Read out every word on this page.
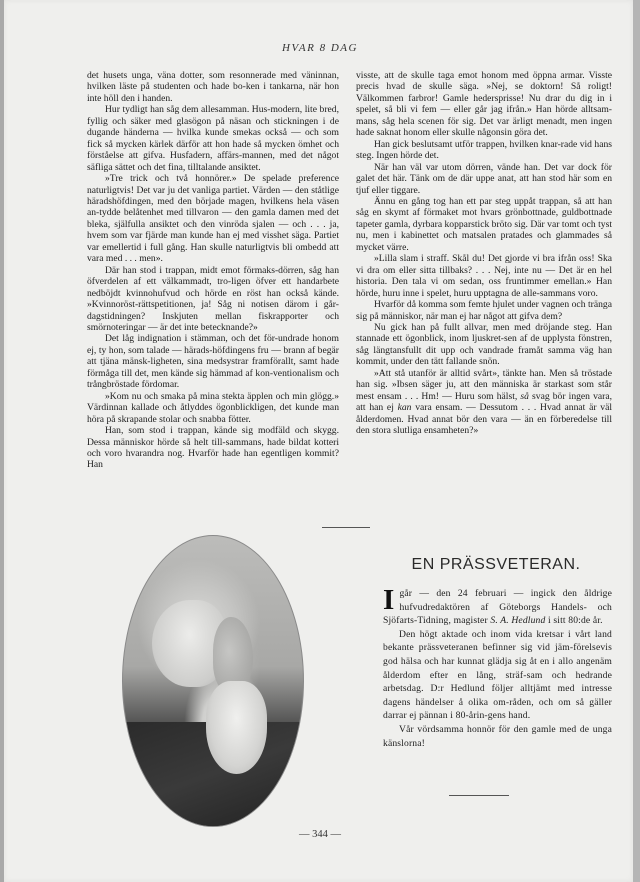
HVAR 8 DAG

det husets unga, väna dotter, som resonnerade med väninnan, hvilken läste på studenten och hade bo-ken i tankarna, när hon inte höll den i handen.

Hur tydligt han såg dem allesamman. Hus-modern, lite bred, fyllig och säker med glasögon på näsan och stickningen i de dugande händerna — hvilka kunde smekas också — och som fick så mycken kärlek därför att hon hade så mycken ömhet och förståelse att gifva. Husfadern, affärs-mannen, med det något säfliga sättet och det fina, tilltalande ansiktet.

»Tre trick och två honnörer.» De spelade preference naturligtvis! Det var ju det vanliga partiet. Värden — den ståtlige häradshöfdingen, med den började magen, hvilkens hela väsen an-tydde belåtenhet med tillvaron — den gamla damen med det bleka, själfulla ansiktet och den vinröda sjalen — och . . . ja, hvem som var fjärde man kunde han ej med visshet säga. Partiet var emellertid i full gång. Han skulle naturligtvis bli ombedd att vara med . . . men».

Där han stod i trappan, midt emot förmaks-dörren, såg han öfverdelen af ett välkammadt, tro-ligen öfver ett handarbete nedböjdt kvinnohufvud och hörde en röst han också kände. »Kvinnoröst-rättspetitionen, ja! Såg ni notisen därom i går-dagstidningen? Inskjuten mellan fiskrapporter och smörnoteringar — är det inte betecknande?»

Det låg indignation i stämman, och det för-undrade honom ej, ty hon, som talade — härads-höfdingens fru — brann af begär att tjäna mänsk-ligheten, sina medsystrar framförallt, samt hade förmåga till det, men kände sig hämmad af kon-ventionalism och trångbröstade fördomar.

»Kom nu och smaka på mina stekta äpplen och min glögg.» Värdinnan kallade och åtlyddes ögonblickligen, det kunde man höra på skrapande stolar och snabba fötter.

Han, som stod i trappan, kände sig modfäld och skygg. Dessa människor hörde så helt till-sammans, hade bildat kotteri och voro hvarandra nog. Hvarför hade han egentligen kommit? Han

visste, att de skulle taga emot honom med öppna armar. Visste precis hvad de skulle säga. »Nej, se doktorn! Så roligt! Välkommen farbror! Gamle hedersprisse! Nu drar du dig in i spelet, så bli vi fem — eller går jag ifrån.» Han hörde alltsam-mans, såg hela scenen för sig. Det var ärligt menadt, men ingen hade saknat honom eller skulle någonsin göra det.

Han gick beslutsamt utför trappen, hvilken knar-rade vid hans steg. Ingen hörde det.

När han väl var utom dörren, vände han. Det var dock för galet det här. Tänk om de där uppe anat, att han stod här som en tjuf eller tiggare.

Ännu en gång tog han ett par steg uppåt trappan, så att han såg en skymt af förmaket mot hvars grönbottnade, guldbottnade tapeter gamla, dyrbara kopparstick bröto sig. Där var tomt och tyst nu, men i kabinettet och matsalen pratades och glammades så mycket värre.

»Lilla slam i straff. Skål du! Det gjorde vi bra ifrån oss! Ska vi dra om eller sitta tillbaks? . . . Nej, inte nu — Det är en hel historia. Den tala vi om sedan, oss fruntimmer emellan.» Han hörde, huru inne i spelet, huru upptagna de alle-sammans voro.

Hvarför då komma som femte hjulet under vagnen och tränga sig på människor, när man ej har något att gifva dem?

Nu gick han på fullt allvar, men med dröjande steg. Han stannade ett ögonblick, inom ljuskret-sen af de upplysta fönstren, såg längtansfullt dit upp och vandrade framåt samma väg han kommit, under den tätt fallande snön.

»Att stå utanför är alltid svårt», tänkte han. Men så tröstade han sig. »Ibsen säger ju, att den människa är starkast som står mest ensam . . . Hm! — Huru som hälst, så svag bör ingen vara, att han ej kan vara ensam. — Dessutom . . . Hvad annat är väl ålderdomen. Hvad annat bör den vara — än en förberedelse till den stora slutliga ensamheten?»

EN PRÄSSVETERAN.

I går — den 24 februari — ingick den åldrige hufvudredaktören af Göteborgs Handels- och Sjöfarts-Tidning, magister S. A. Hedlund i sitt 80:de år.

Den högt aktade och inom vida kretsar i vårt land bekante prässveteranen befinner sig vid jäm-förelsevis god hälsa och har kunnat glädja sig åt en i allo angenäm ålderdom efter en lång, sträf-sam och hedrande arbetsdag. D:r Hedlund följer alltjämt med intresse dagens händelser å olika om-råden, och om så gäller darrar ej pännan i 80-årin-gens hand.

Vår vördsamma honnör för den gamle med de unga känslorna!

— 344 —
